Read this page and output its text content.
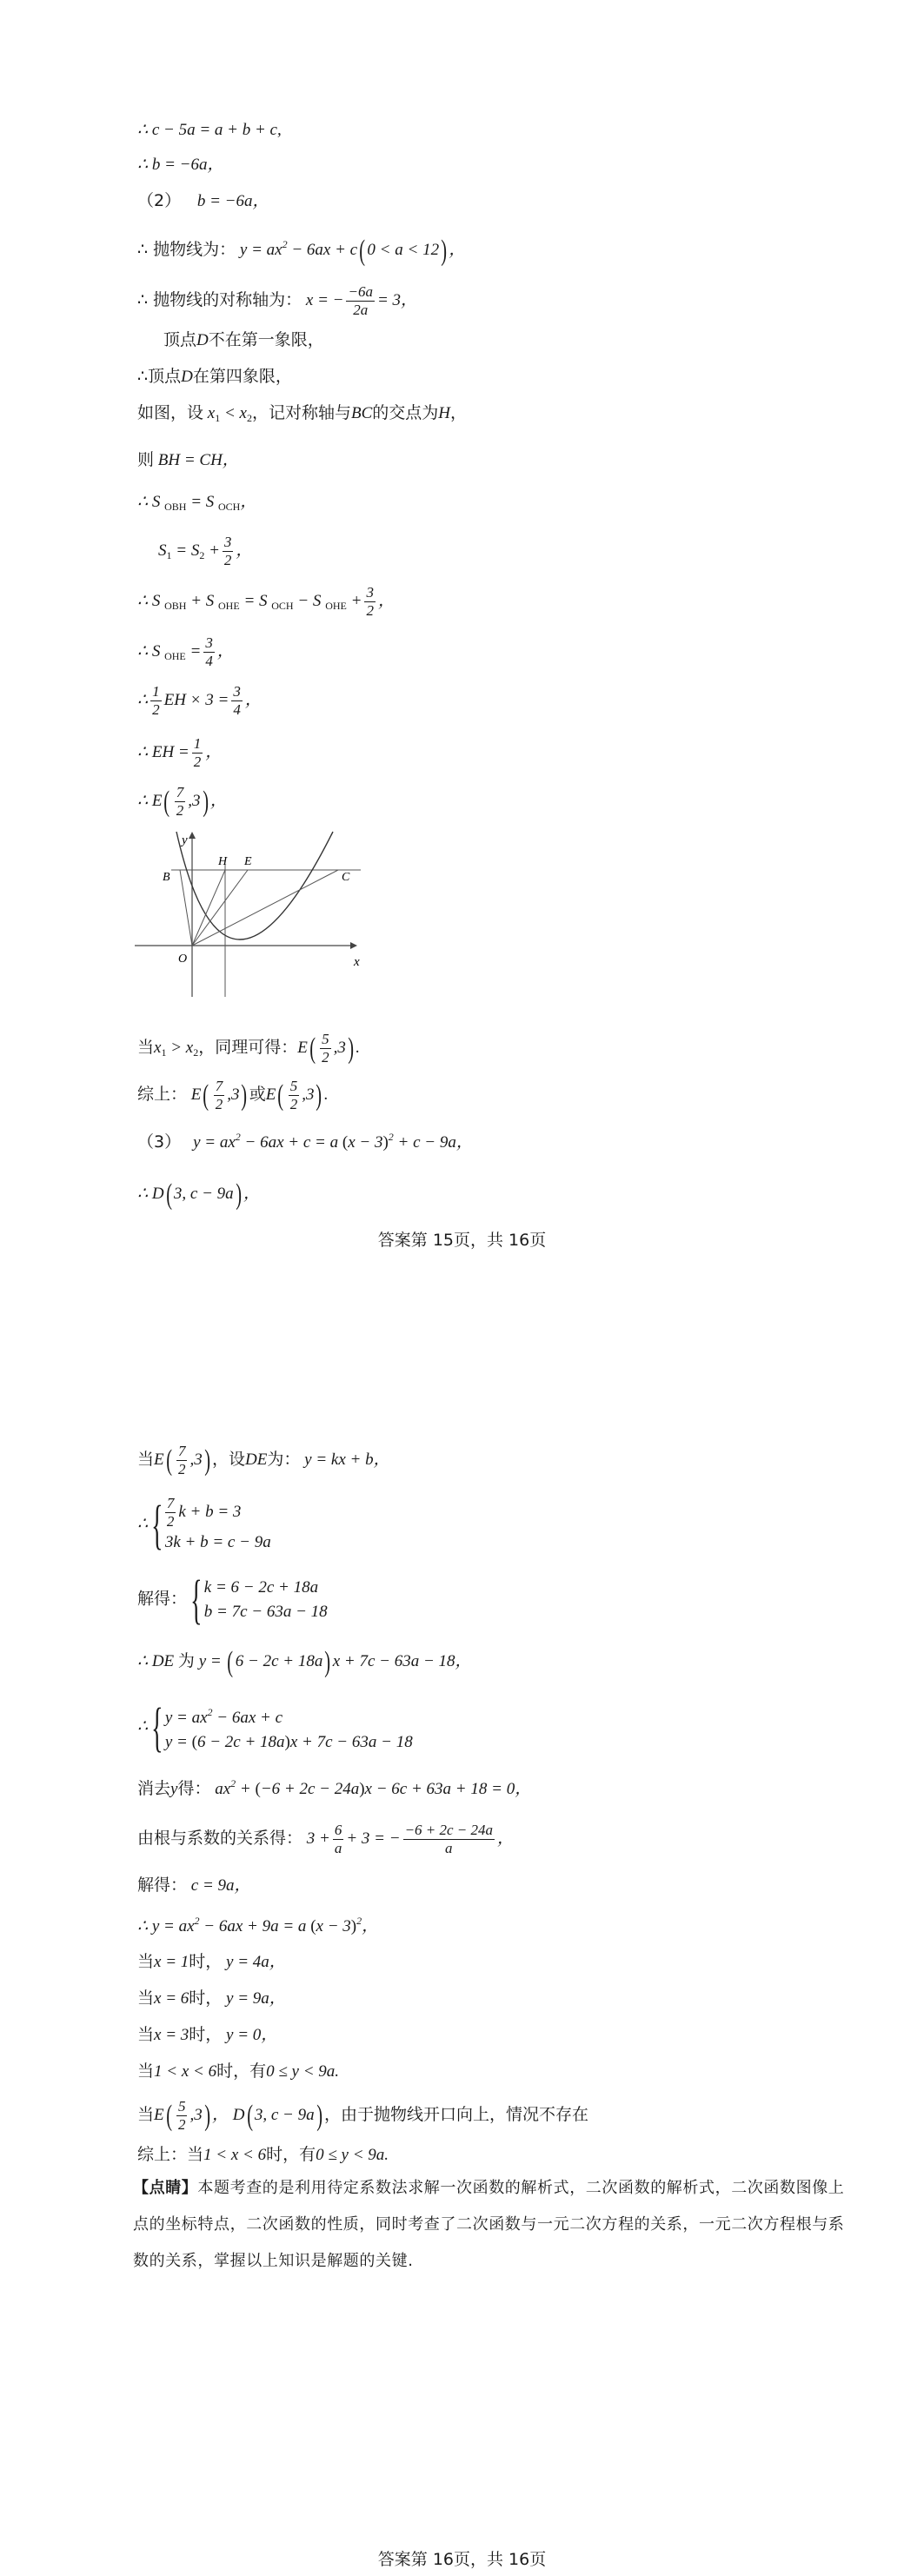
∴ c − 5a = a + b + c,
∴ b = −6a，
（2） b = −6a，
∴ 抛物线为： $y = ax^2 - 6ax + c$( 0 < a < 12) ，
∴ 抛物线的对称轴为： x = − $\frac{-6a}{2a} = 3$，
顶点D不在第一象限，
∴顶点D在第四象限，
如图，设 $x_1 < x_2$，记对称轴与BC的交点为H，
则 BH = CH，
∴ S $_{OBH}$ = S $_{OCH}$，
$S_1 = S_2 + \frac{3}{2}$ ，
∴ S $_{OBH}$ + S $_{OHE}$ = S $_{OCH}$ − S $_{OHE} + \frac{3}{2}$ ，
∴ S $_{OHE} = \frac{3}{4}$ ，
∴ $\frac{1}{2}$ EH × $3 = \frac{3}{4}$ ，
∴ EH = $\frac{1}{2}$ ，
∴ $E( \frac{7}{2} ,3)$ ，
y
x
O
B
H E
C
当$x_1 > x_2$，同理可得：$E( \frac{5}{2} ,3)$ .
综上： $E( \frac{7}{2} ,3)$ 或$E( \frac{5}{2} ,3)$ .
（3） $y = ax^2 - 6ax + c = a$ $(x - 3)^2 + c - 9a$，
∴ D( 3, c − 9a) ，
答案第 15页，共 16页
当$E( \frac{7}{2} ,3)$ ，设DE为： y = kx + b，
∴{ $\frac{7}{2}$ k + b = 3
3k + b = c − 9a
解得：{ k = 6 − 2c + 18a
b = 7c − 63a − 18
∴ DE 为 y = ( 6 − 2c + 18a) x + 7c − 63a − 18，
∴{ $y = ax^2 - 6ax + c$
y = (6 − 2c + 18a)x + 7c − 63a − 18
消去y得： $ax^2 + (-6 + 2c - 24a)x - 6c + 63a + 18 = 0$，
由根与系数的关系得： $3 + \frac{6}{a} + 3$ = − $\frac{-6 + 2c - 24a}{a}$ ，
解得： c = 9a，
∴ $y = ax^2 - 6ax + 9a = a$ $(x - 3)^2$，
当x = 1时， y = 4a，
当x = 6时， y = 9a，
当x = 3时， y = 0，
当1 < x < 6时，有0 ≤ y < 9a.
当$E( \frac{5}{2} ,3)$ ， D( 3, c − 9a) ，由于抛物线开口向上，情况不存在
综上：当1 < x < 6时，有0 ≤ y < 9a.
【点睛】本题考查的是利用待定系数法求解一次函数的解析式，二次函数的解析式，二次函数图像上点的坐标特点，二次函数的性质，同时考查了二次函数与一元二次方程的关系，一元二次方程根与系数的关系，掌握以上知识是解题的关键.
答案第 16页，共 16页
